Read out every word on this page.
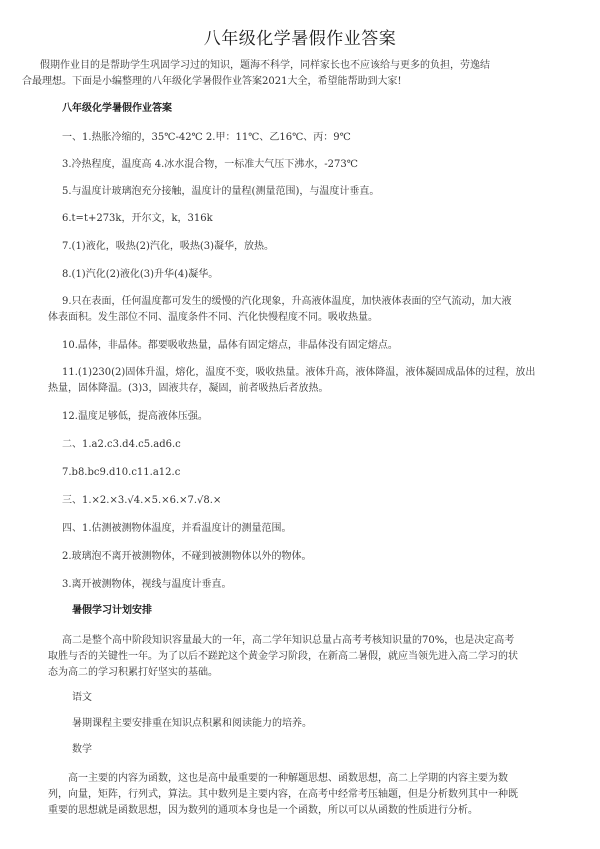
八年级化学暑假作业答案
假期作业目的是帮助学生巩固学习过的知识，题海不科学，同样家长也不应该给与更多的负担，劳逸结
合最理想。下面是小编整理的八年级化学暑假作业答案2021大全，希望能帮助到大家!
八年级化学暑假作业答案
一、1.热胀冷缩的，35℃-42℃ 2.甲：11℃、乙16℃、丙：9℃
3.冷热程度，温度高 4.冰水混合物，一标准大气压下沸水，-273℃
5.与温度计玻璃泡充分接触，温度计的量程(测量范围)，与温度计垂直。
6.t=t+273k，开尔文，k，316k
7.(1)液化，吸热(2)汽化，吸热(3)凝华，放热。
8.(1)汽化(2)液化(3)升华(4)凝华。
9.只在表面，任何温度都可发生的缓慢的汽化现象，升高液体温度，加快液体表面的空气流动，加大液
体表面积。发生部位不同、温度条件不同、汽化快慢程度不同。吸收热量。
10.晶体，非晶体。都要吸收热量，晶体有固定熔点，非晶体没有固定熔点。
11.(1)230(2)固体升温，熔化，温度不变，吸收热量。液体升高，液体降温，液体凝固成晶体的过程，放出
热量，固体降温。(3)3，固液共存，凝固，前者吸热后者放热。
12.温度足够低，提高液体压强。
二、1.a2.c3.d4.c5.ad6.c
7.b8.bc9.d10.c11.a12.c
三、1.×2.×3.√4.×5.×6.×7.√8.×
四、1.估测被测物体温度，并看温度计的测量范围。
2.玻璃泡不离开被测物体，不碰到被测物体以外的物体。
3.离开被测物体，视线与温度计垂直。
暑假学习计划安排
高二是整个高中阶段知识容量最大的一年，高二学年知识总量占高考考核知识量的70%，也是决定高考
取胜与否的关键性一年。为了以后不蹉跎这个黄金学习阶段，在新高二暑假，就应当领先进入高二学习的状
态为高二的学习积累打好坚实的基础。
语文
暑期课程主要安排重在知识点积累和阅读能力的培养。
数学
高一主要的内容为函数，这也是高中最重要的一种解题思想、函数思想，高二上学期的内容主要为数
列，向量，矩阵，行列式，算法。其中数列是主要内容，在高考中经常考压轴题，但是分析数列其中一种既
重要的思想就是函数思想，因为数列的通项本身也是一个函数，所以可以从函数的性质进行分析。
